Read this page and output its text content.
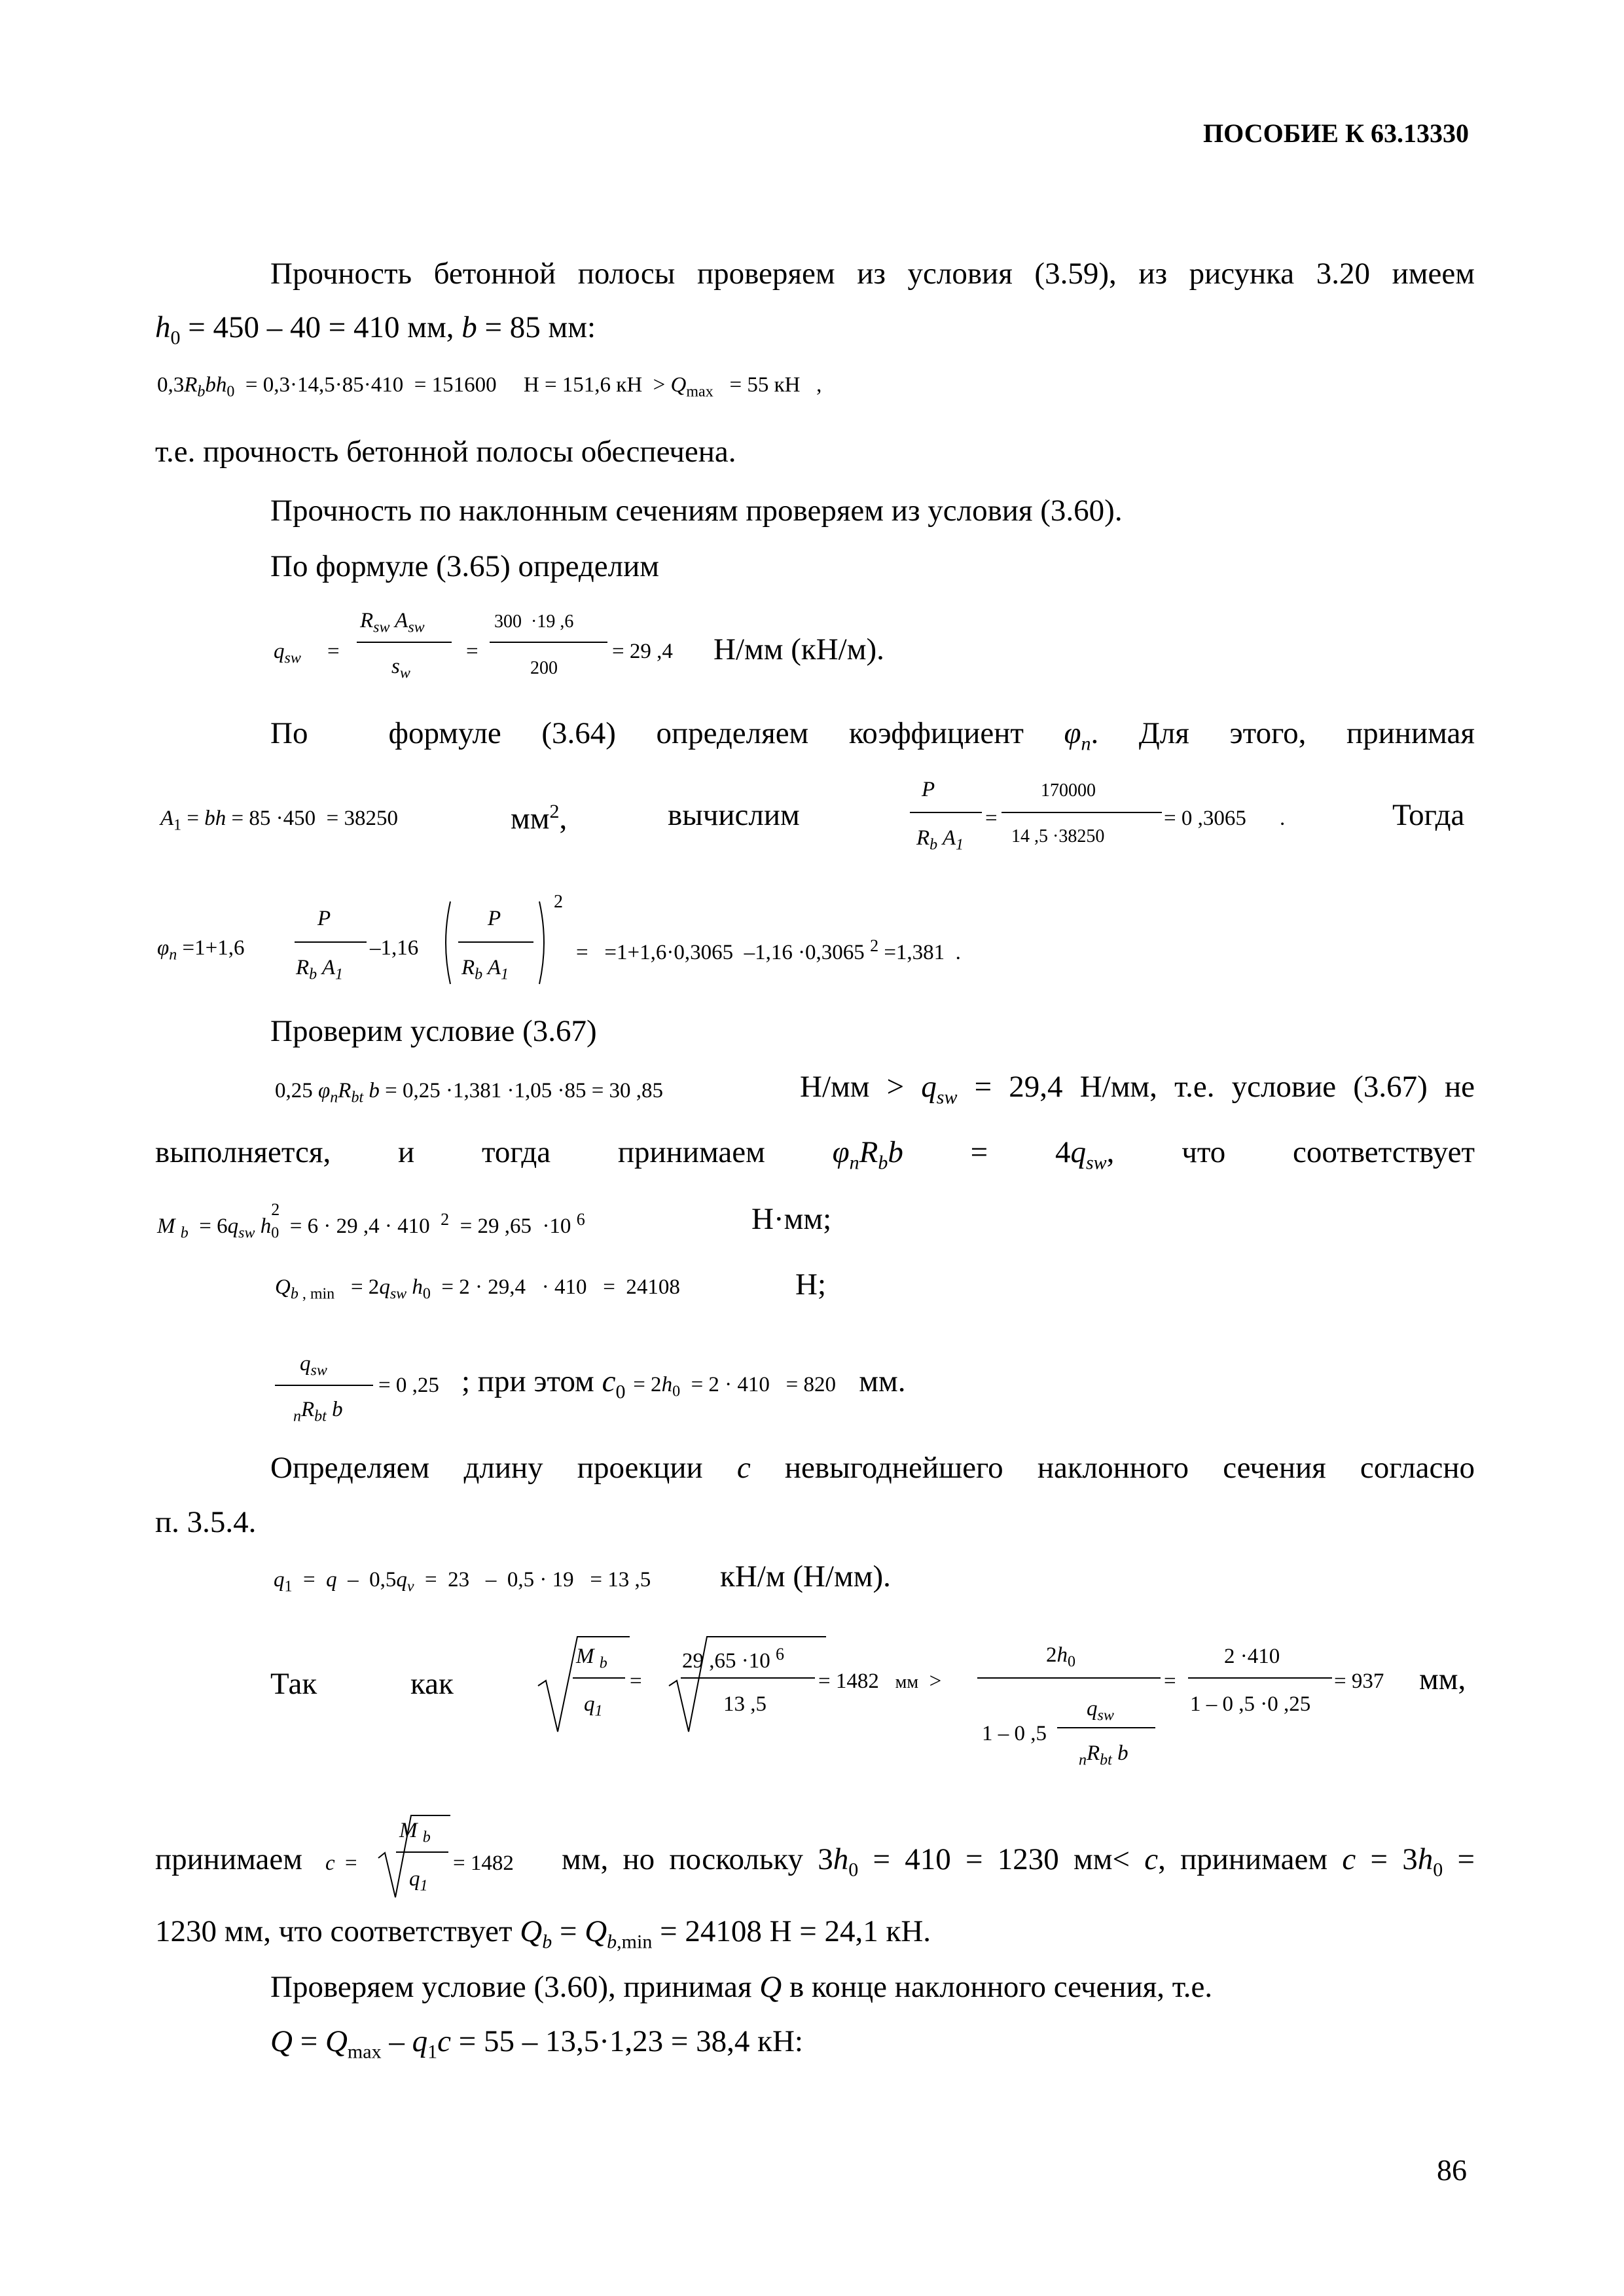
ПОСОБИЕ К 63.13330
Прочность бетонной полосы проверяем из условия (3.59), из рисунка 3.20 имеем
$h_0 = 450 - 40 = 410$ мм, b = 85 мм:
$0,3R_bbh_0 = 0,3\cdot 14,5\cdot 85\cdot 410 = 151600$     Н = 151,6 кН  > $Q_{max} = 55$ кН   ,
т.е. прочность бетонной полосы обеспечена.
Прочность по наклонным сечениям проверяем из условия (3.60).
По формуле (3.65) определим
$q_{sw}$ =
$R_{sw}$ $A_{sw}$
$s_w$
=
300  ·19 ,6
200
= 29 ,4 Н/мм (кН/м).
По  формуле (3.64) определяем коэффициент $\varphi_n$. Для этого, принимая
$A_1$ = bh = 85 ·450  = 38250	$мм^2$,	вычислим
P
$R_b$ $A_1$
=
170000
14 ,5 ·38250
= 0 ,3065 .	Тогда
$\varphi_n =1+1,6$
P
$R_b$ $A_1$
–1,16
P
$R_b$ $A_1$
2
=   =1+1,6·0,3065  –1,16 ·0,3065 $^2$ =1,381  .
Проверим условие (3.67)
0,25 $\varphi_nR_{bt}$ b = 0,25 ·1,381 ·1,05 ·85 = 30 ,85	$Н/мм > q_{sw} = 29,4$ Н/мм, т.е. условие (3.67) не
выполняется, и тогда принимаем $\varphi_nR_bb = 4q_{sw}$, что соответствует
M $_b = 6q_{sw}$ h
2
$_0$  = 6 · 29 ,4 · 410  $^2$  = 29 ,65  ·10 $^6$	Н·мм;
$Q_{b , min} = 2q_{sw}$ $h_0 = 2 \cdot 29,4 \cdot 410 = 24108$	Н;
$q_{sw}$
$_nR_{bt}$ b
= 0 ,25 ; при этом $c_0 = 2h_0 = 2 \cdot 410 = 820$   мм.
Определяем длину проекции c невыгоднейшего наклонного сечения согласно
п. 3.5.4.
$q_1 = q - 0,5q_v = 23 - 0,5 \cdot 19 = 13$ ,5 кН/м (Н/мм).
Так	как
M $_b$
$q_1$
=
29 ,65 ·10 $^6$
13 ,5
= 1482   мм  >
$2h_0$
1 – 0 ,5
$q_{sw}$
$_nR_{bt}$ b
=
2 ·410
1 – 0 ,5 ·0 ,25
= 937 мм,
принимаем c =
M $_b$
$q_1$
= 1482 мм, но поскольку $3h_0 = 410 = 1230$ мм< c, принимаем $c = 3h_0$ =
1230 мм, что соответствует $Q_b = Q_{b,min} = 24108$ Н = 24,1 кН.
Проверяем условие (3.60), принимая Q в конце наклонного сечения, т.е.
$Q = Q_{max} - q_1c = 55 - 13,5\cdot 1,23 = 38,4$ кН:
86
